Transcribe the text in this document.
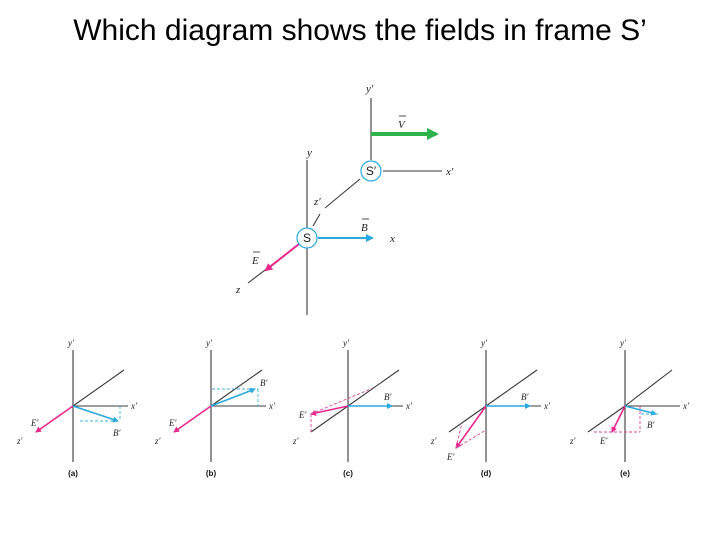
Which diagram shows the fields in frame S’
y
z
x
y′
x′
z′
V
B
E
S′
S
y′
x′
z′
E′
B′
(a)
y′
x′
z′
E′
B′
(b)
y′
x′
z′
E′
B′
(c)
y′
x′
z′
E′
B′
(d)
y′
x′
z′	E′
B′
(e)
